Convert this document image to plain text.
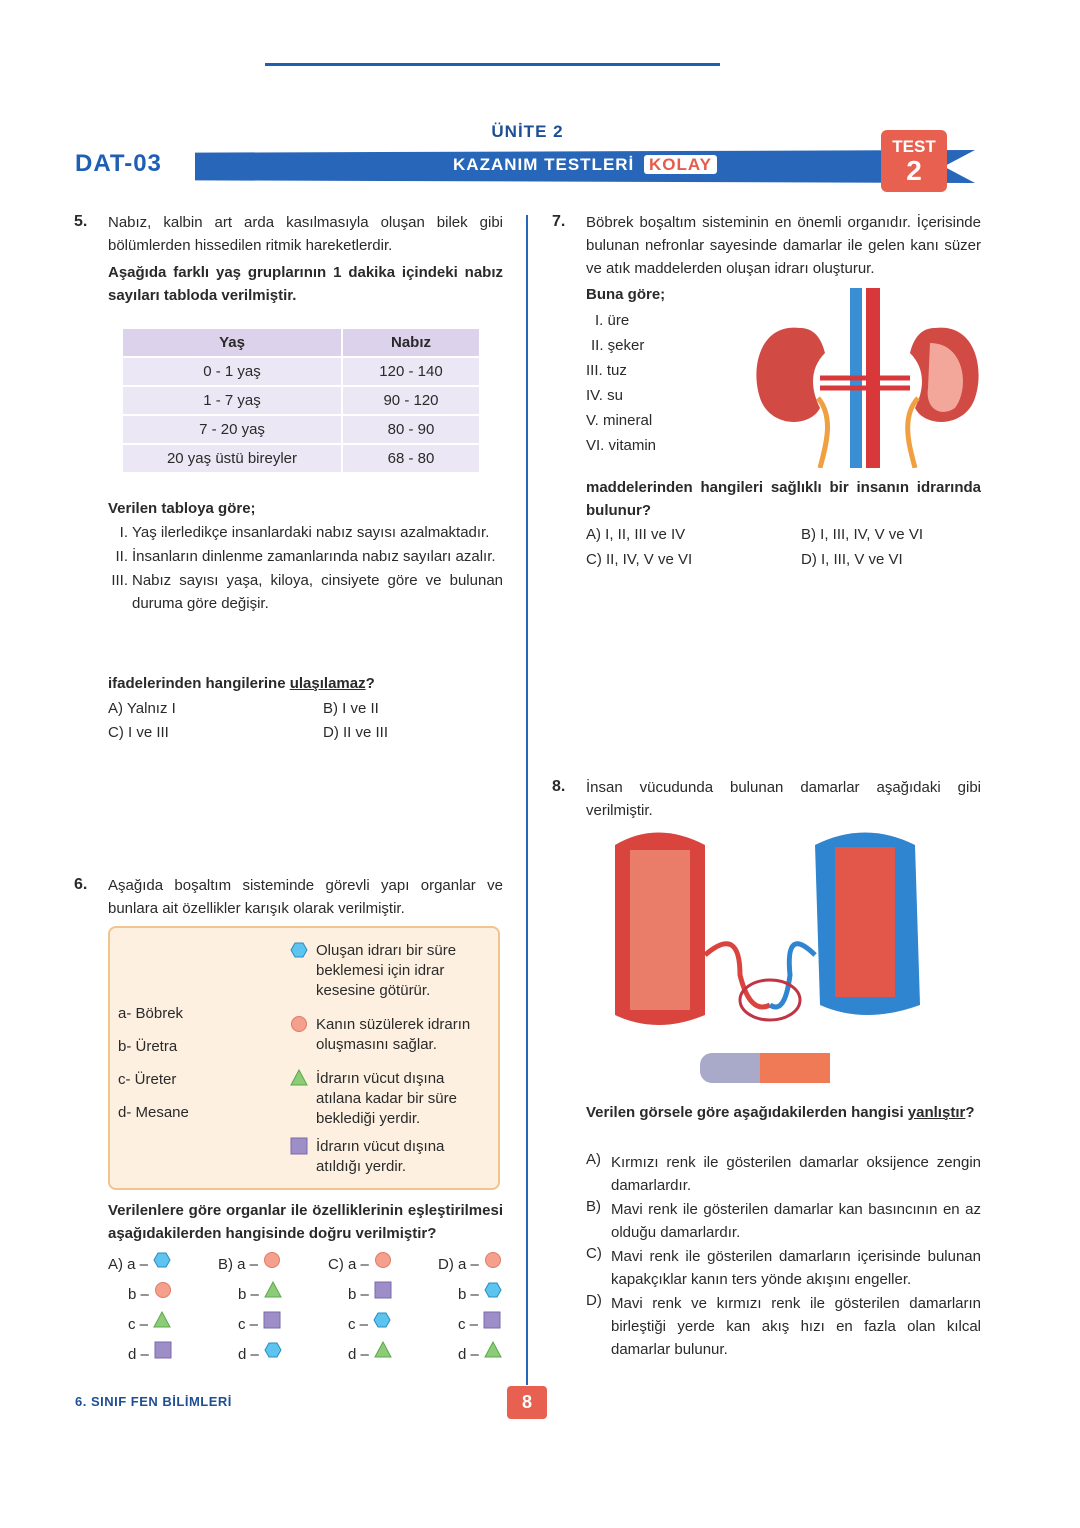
ÜNİTE 2
DAT-03	KAZANIM TESTLERİ KOLAY
TEST
2
5. Nabız, kalbin art arda kasılmasıyla oluşan bilek gibi bölümlerden hissedilen ritmik hareketlerdir.
Aşağıda farklı yaş gruplarının 1 dakika içindeki nabız sayıları tabloda verilmiştir.
Yaş	Nabız
0 - 1 yaş	120 - 140
1 - 7 yaş	90 - 120
7 - 20 yaş	80 - 90
20 yaş üstü bireyler	68 - 80
Verilen tabloya göre;
I. Yaş ilerledikçe insanlardaki nabız sayısı azalmaktadır.
II. İnsanların dinlenme zamanlarında nabız sayıları azalır.
III. Nabız sayısı yaşa, kiloya, cinsiyete göre ve bulunan duruma göre değişir.
ifadelerinden hangilerine ulaşılamaz?
A) Yalnız I	B) I ve II
C) I ve III	D) II ve III
6. Aşağıda boşaltım sisteminde görevli yapı organlar ve bunlara ait özellikler karışık olarak verilmiştir.
a- Böbrek
b- Üretra
c- Üreter
d- Mesane
Oluşan idrarı bir süre beklemesi için idrar kesesine götürür.
Kanın süzülerek idrarın oluşmasını sağlar.
İdrarın vücut dışına atılana kadar bir süre beklediği yerdir.
İdrarın vücut dışına atıldığı yerdir.
Verilenlere göre organlar ile özelliklerinin eşleştirilmesi aşağıdakilerden hangisinde doğru verilmiştir?
A) a –
b –
c –
d –
B) a –
b –
c –
d –
C) a –
b –
c –
d –
D) a –
b –
c –
d –
7. Böbrek boşaltım sisteminin en önemli organıdır. İçerisinde bulunan nefronlar sayesinde damarlar ile gelen kanı süzer ve atık maddelerden oluşan idrarı oluşturur.
Buna göre;
I. üre
II. şeker
III. tuz
IV. su
V. mineral
VI. vitamin
maddelerinden hangileri sağlıklı bir insanın idrarında bulunur?
A) I, II, III ve IV	B) I, III, IV, V ve VI
C) II, IV, V ve VI	D) I, III, V ve VI
8. İnsan vücudunda bulunan damarlar aşağıdaki gibi verilmiştir.
Verilen görsele göre aşağıdakilerden hangisi yanlıştır?
A) Kırmızı renk ile gösterilen damarlar oksijence zengin damarlardır.
B) Mavi renk ile gösterilen damarlar kan basıncının en az olduğu damarlardır.
C) Mavi renk ile gösterilen damarların içerisinde bulunan kapakçıklar kanın ters yönde akışını engeller.
D) Mavi renk ve kırmızı renk ile gösterilen damarların birleştiği yerde kan akış hızı en fazla olan kılcal damarlar bulunur.
6. SINIF FEN BİLİMLERİ	8
